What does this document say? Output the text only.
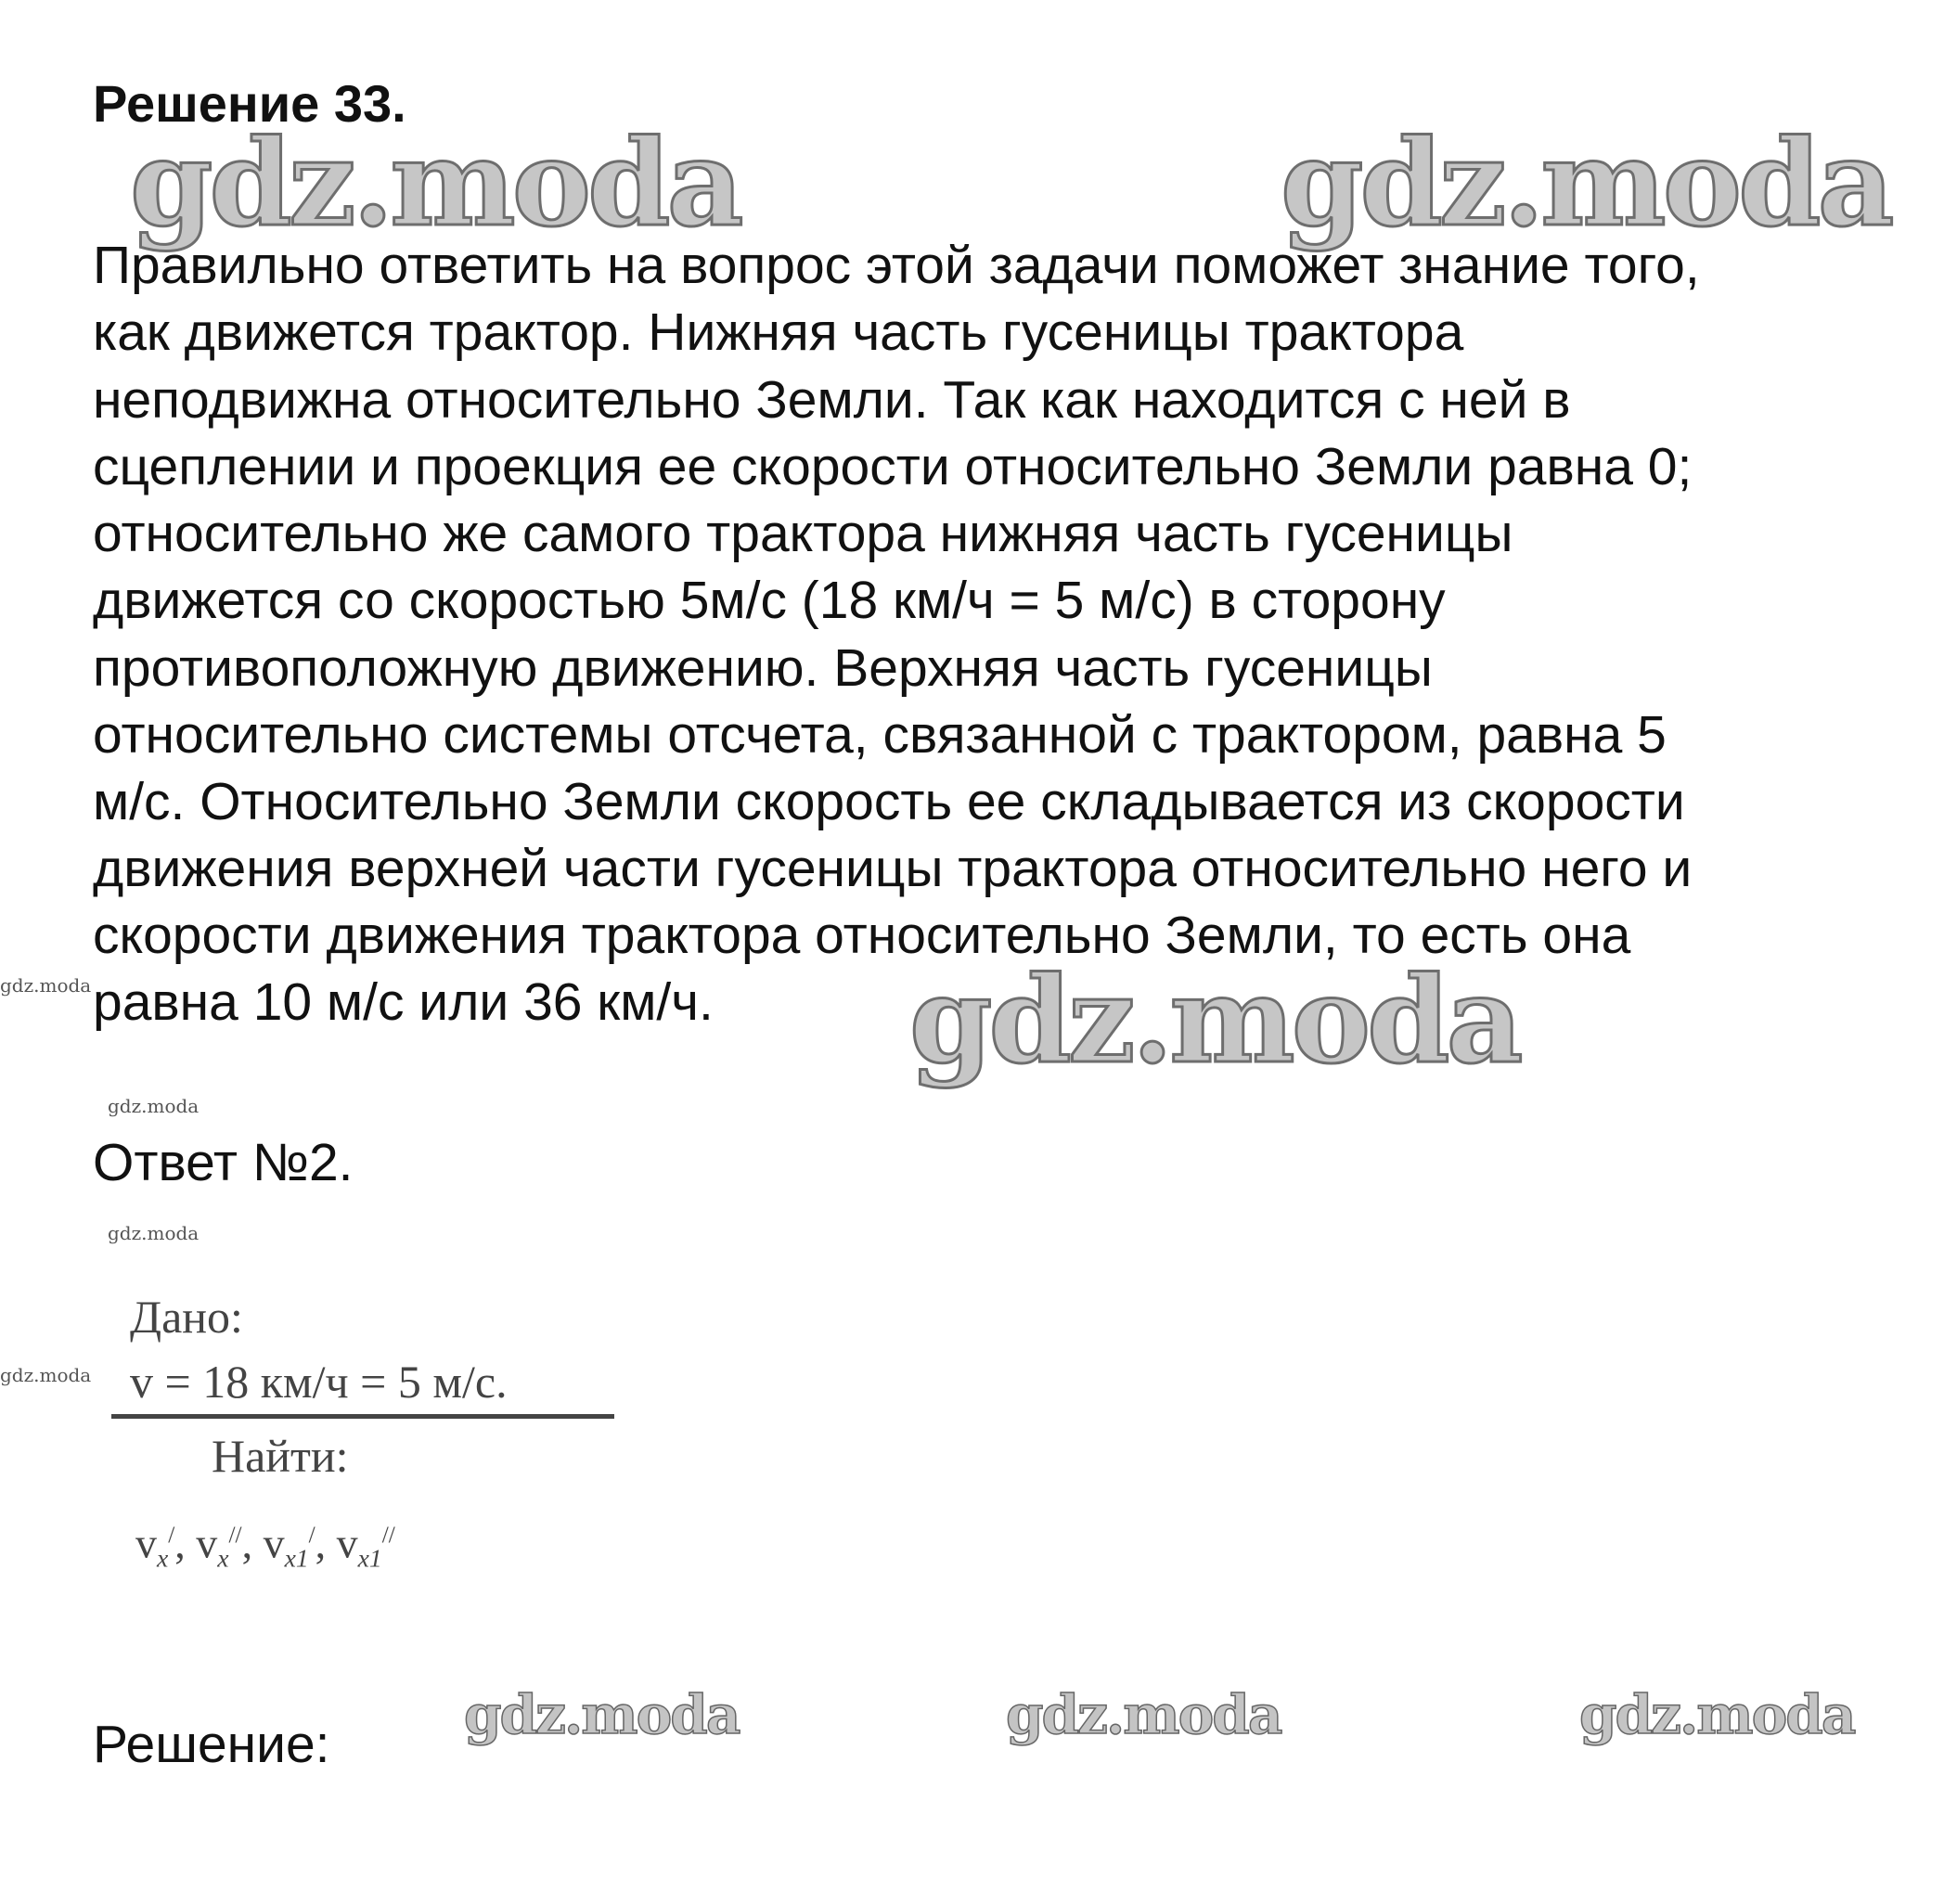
Решение 33.
gdz.moda	gdz.moda
Правильно ответить на вопрос этой задачи поможет знание того,
как движется трактор. Нижняя часть гусеницы трактора
неподвижна относительно Земли. Так как находится с ней в
сцеплении и проекция ее скорости относительно Земли равна 0;
относительно же самого трактора нижняя часть гусеницы
движется со скоростью 5м/с (18 км/ч = 5 м/с) в сторону
противоположную движению. Верхняя часть гусеницы
относительно системы отсчета, связанной с трактором, равна 5
м/с. Относительно Земли скорость ее складывается из скорости
движения верхней части гусеницы трактора относительно него и
скорости движения трактора относительно Земли, то есть она
равна 10 м/с или 36 км/ч.
gdz.moda	gdz.moda
gdz.moda
Ответ №2.
gdz.moda
Дано:
gdz.moda v = 18 км/ч = 5 м/с.
Найти:
$v_x^/$, $v_x^{//}$, $v_{x1}^/$, $v_{x1}^{//}$
gdz.moda	gdz.moda	gdz.moda
Решение:
